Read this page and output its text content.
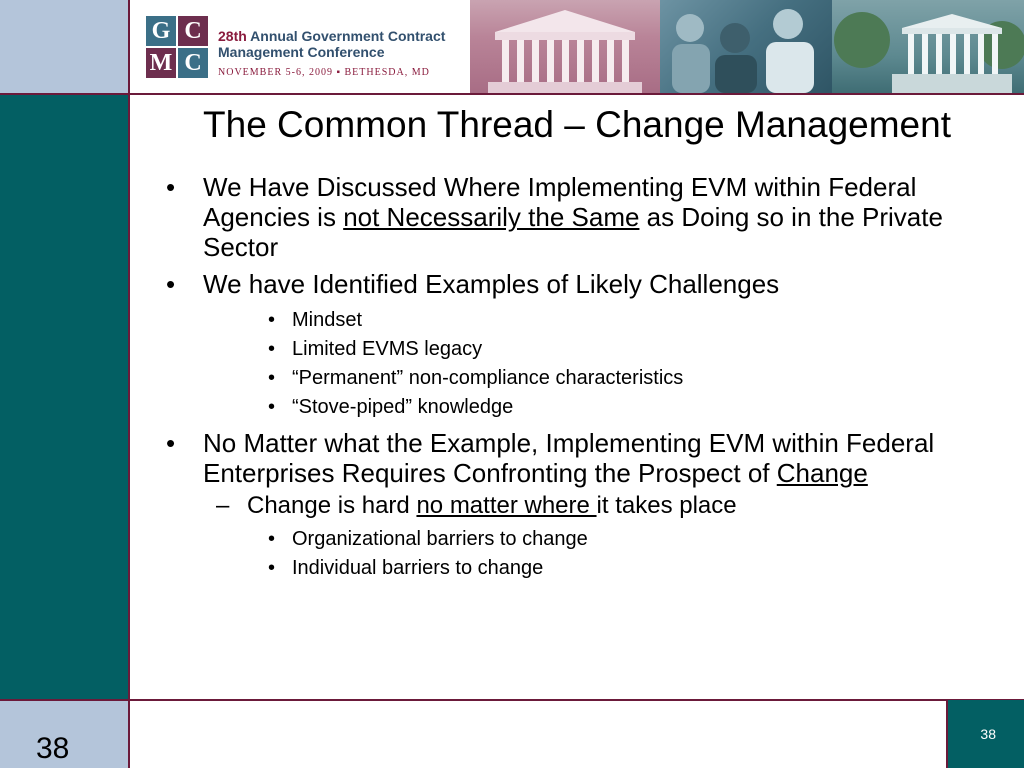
G C
M C
28th Annual Government Contract
Management Conference
NOVEMBER 5-6, 2009 ▪ BETHESDA, MD
The Common Thread – Change Management
• We Have Discussed Where Implementing EVM within Federal Agencies is not Necessarily the Same as Doing so in the Private Sector
• We have Identified Examples of Likely Challenges
• Mindset
• Limited EVMS legacy
• “Permanent” non-compliance characteristics
• “Stove-piped” knowledge
• No Matter what the Example, Implementing EVM within Federal Enterprises Requires Confronting the Prospect of Change
– Change is hard no matter where it takes place
• Organizational barriers to change
• Individual barriers to change
38	38
